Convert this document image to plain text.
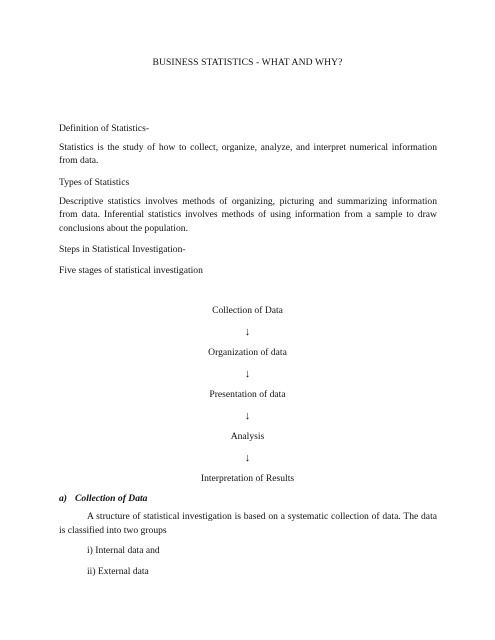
BUSINESS STATISTICS - WHAT AND WHY?

Definition of Statistics-

Statistics is the study of how to collect, organize, analyze, and interpret numerical information from data.

Types of Statistics

Descriptive statistics involves methods of organizing, picturing and summarizing information from data. Inferential statistics involves methods of using information from a sample to draw conclusions about the population.

Steps in Statistical Investigation-

Five stages of statistical investigation

Collection of Data
↓
Organization of data
↓
Presentation of data
↓
Analysis
↓
Interpretation of Results
a) Collection of Data

A structure of statistical investigation is based on a systematic collection of data. The data is classified into two groups

i) Internal data and
ii) External data
